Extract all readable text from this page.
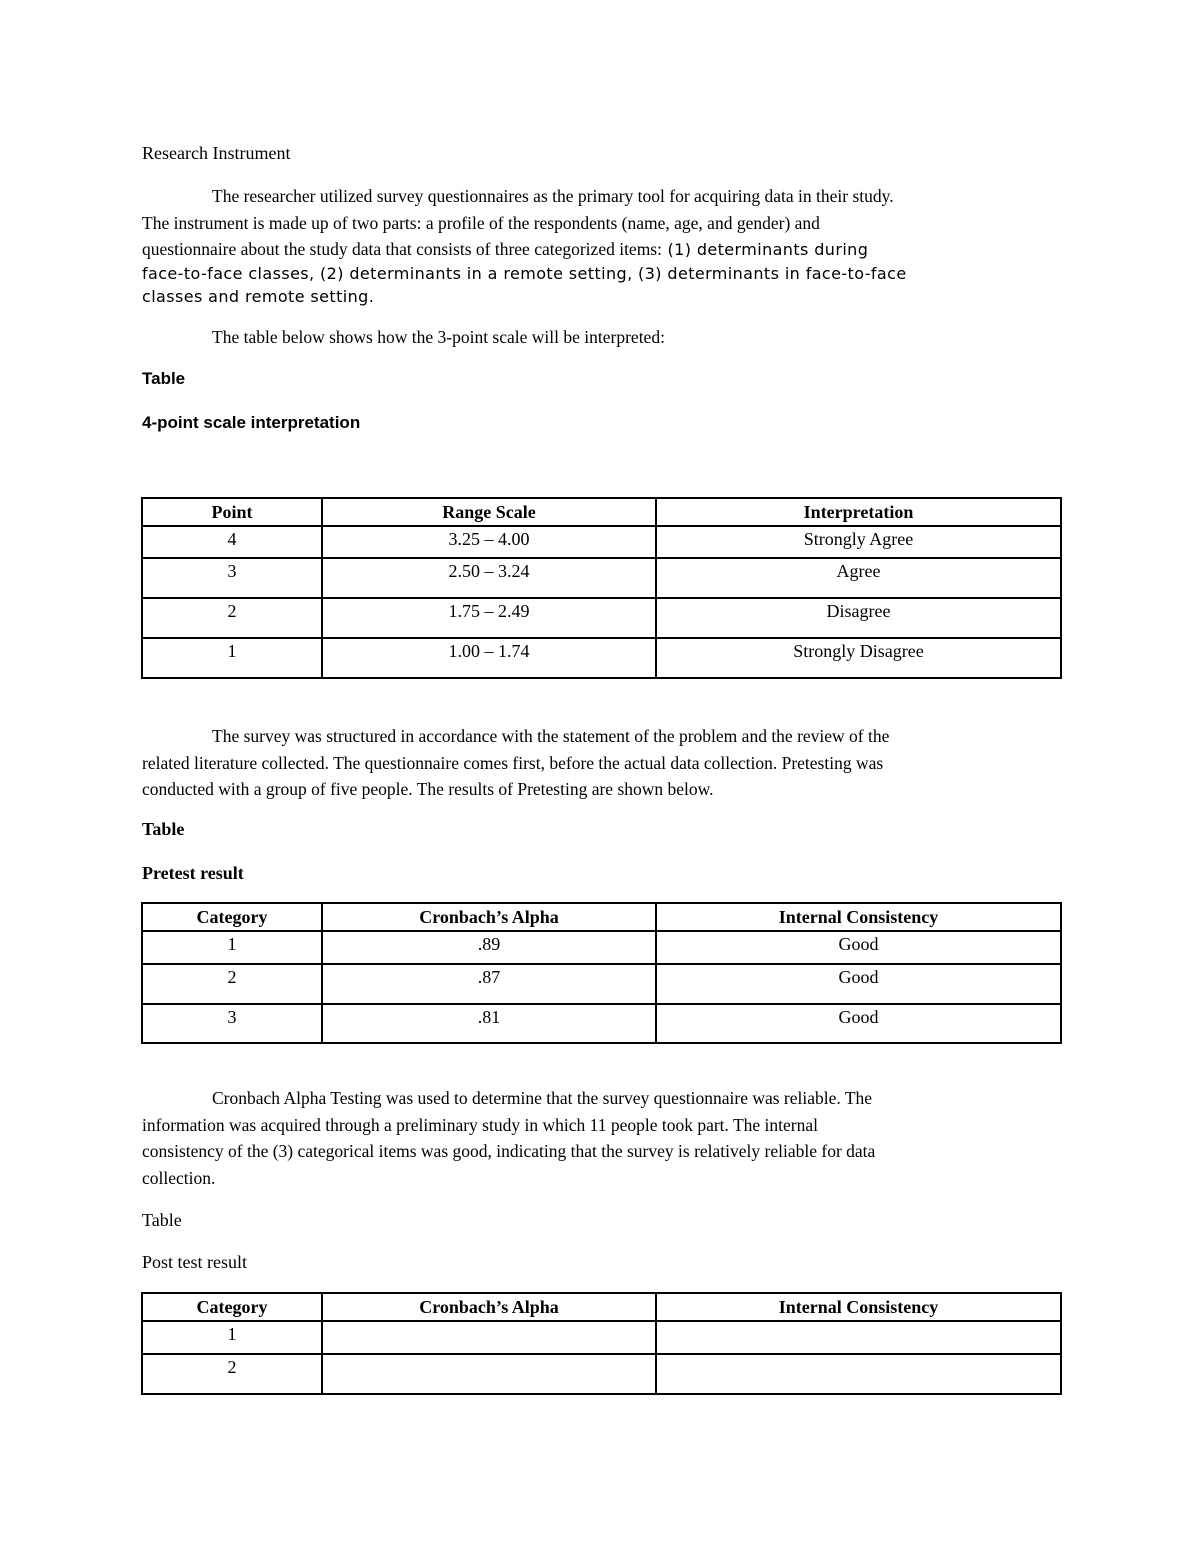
Research Instrument
The researcher utilized survey questionnaires as the primary tool for acquiring data in their study.
The instrument is made up of two parts: a profile of the respondents (name, age, and gender) and
questionnaire about the study data that consists of three categorized items: (1) determinants during
face-to-face classes, (2) determinants in a remote setting, (3) determinants in face-to-face
classes and remote setting.
The table below shows how the 3-point scale will be interpreted:
Table
4-point scale interpretation
Point	Range Scale	Interpretation
4	3.25 – 4.00	Strongly Agree
3	2.50 – 3.24	Agree
2	1.75 – 2.49	Disagree
1	1.00 – 1.74	Strongly Disagree
The survey was structured in accordance with the statement of the problem and the review of the
related literature collected. The questionnaire comes first, before the actual data collection. Pretesting was
conducted with a group of five people. The results of Pretesting are shown below.
Table
Pretest result
Category	Cronbach’s Alpha	Internal Consistency
1	.89	Good
2	.87	Good
3	.81	Good
Cronbach Alpha Testing was used to determine that the survey questionnaire was reliable. The
information was acquired through a preliminary study in which 11 people took part. The internal
consistency of the (3) categorical items was good, indicating that the survey is relatively reliable for data
collection.
Table
Post test result
Category	Cronbach’s Alpha	Internal Consistency
1		
2		
